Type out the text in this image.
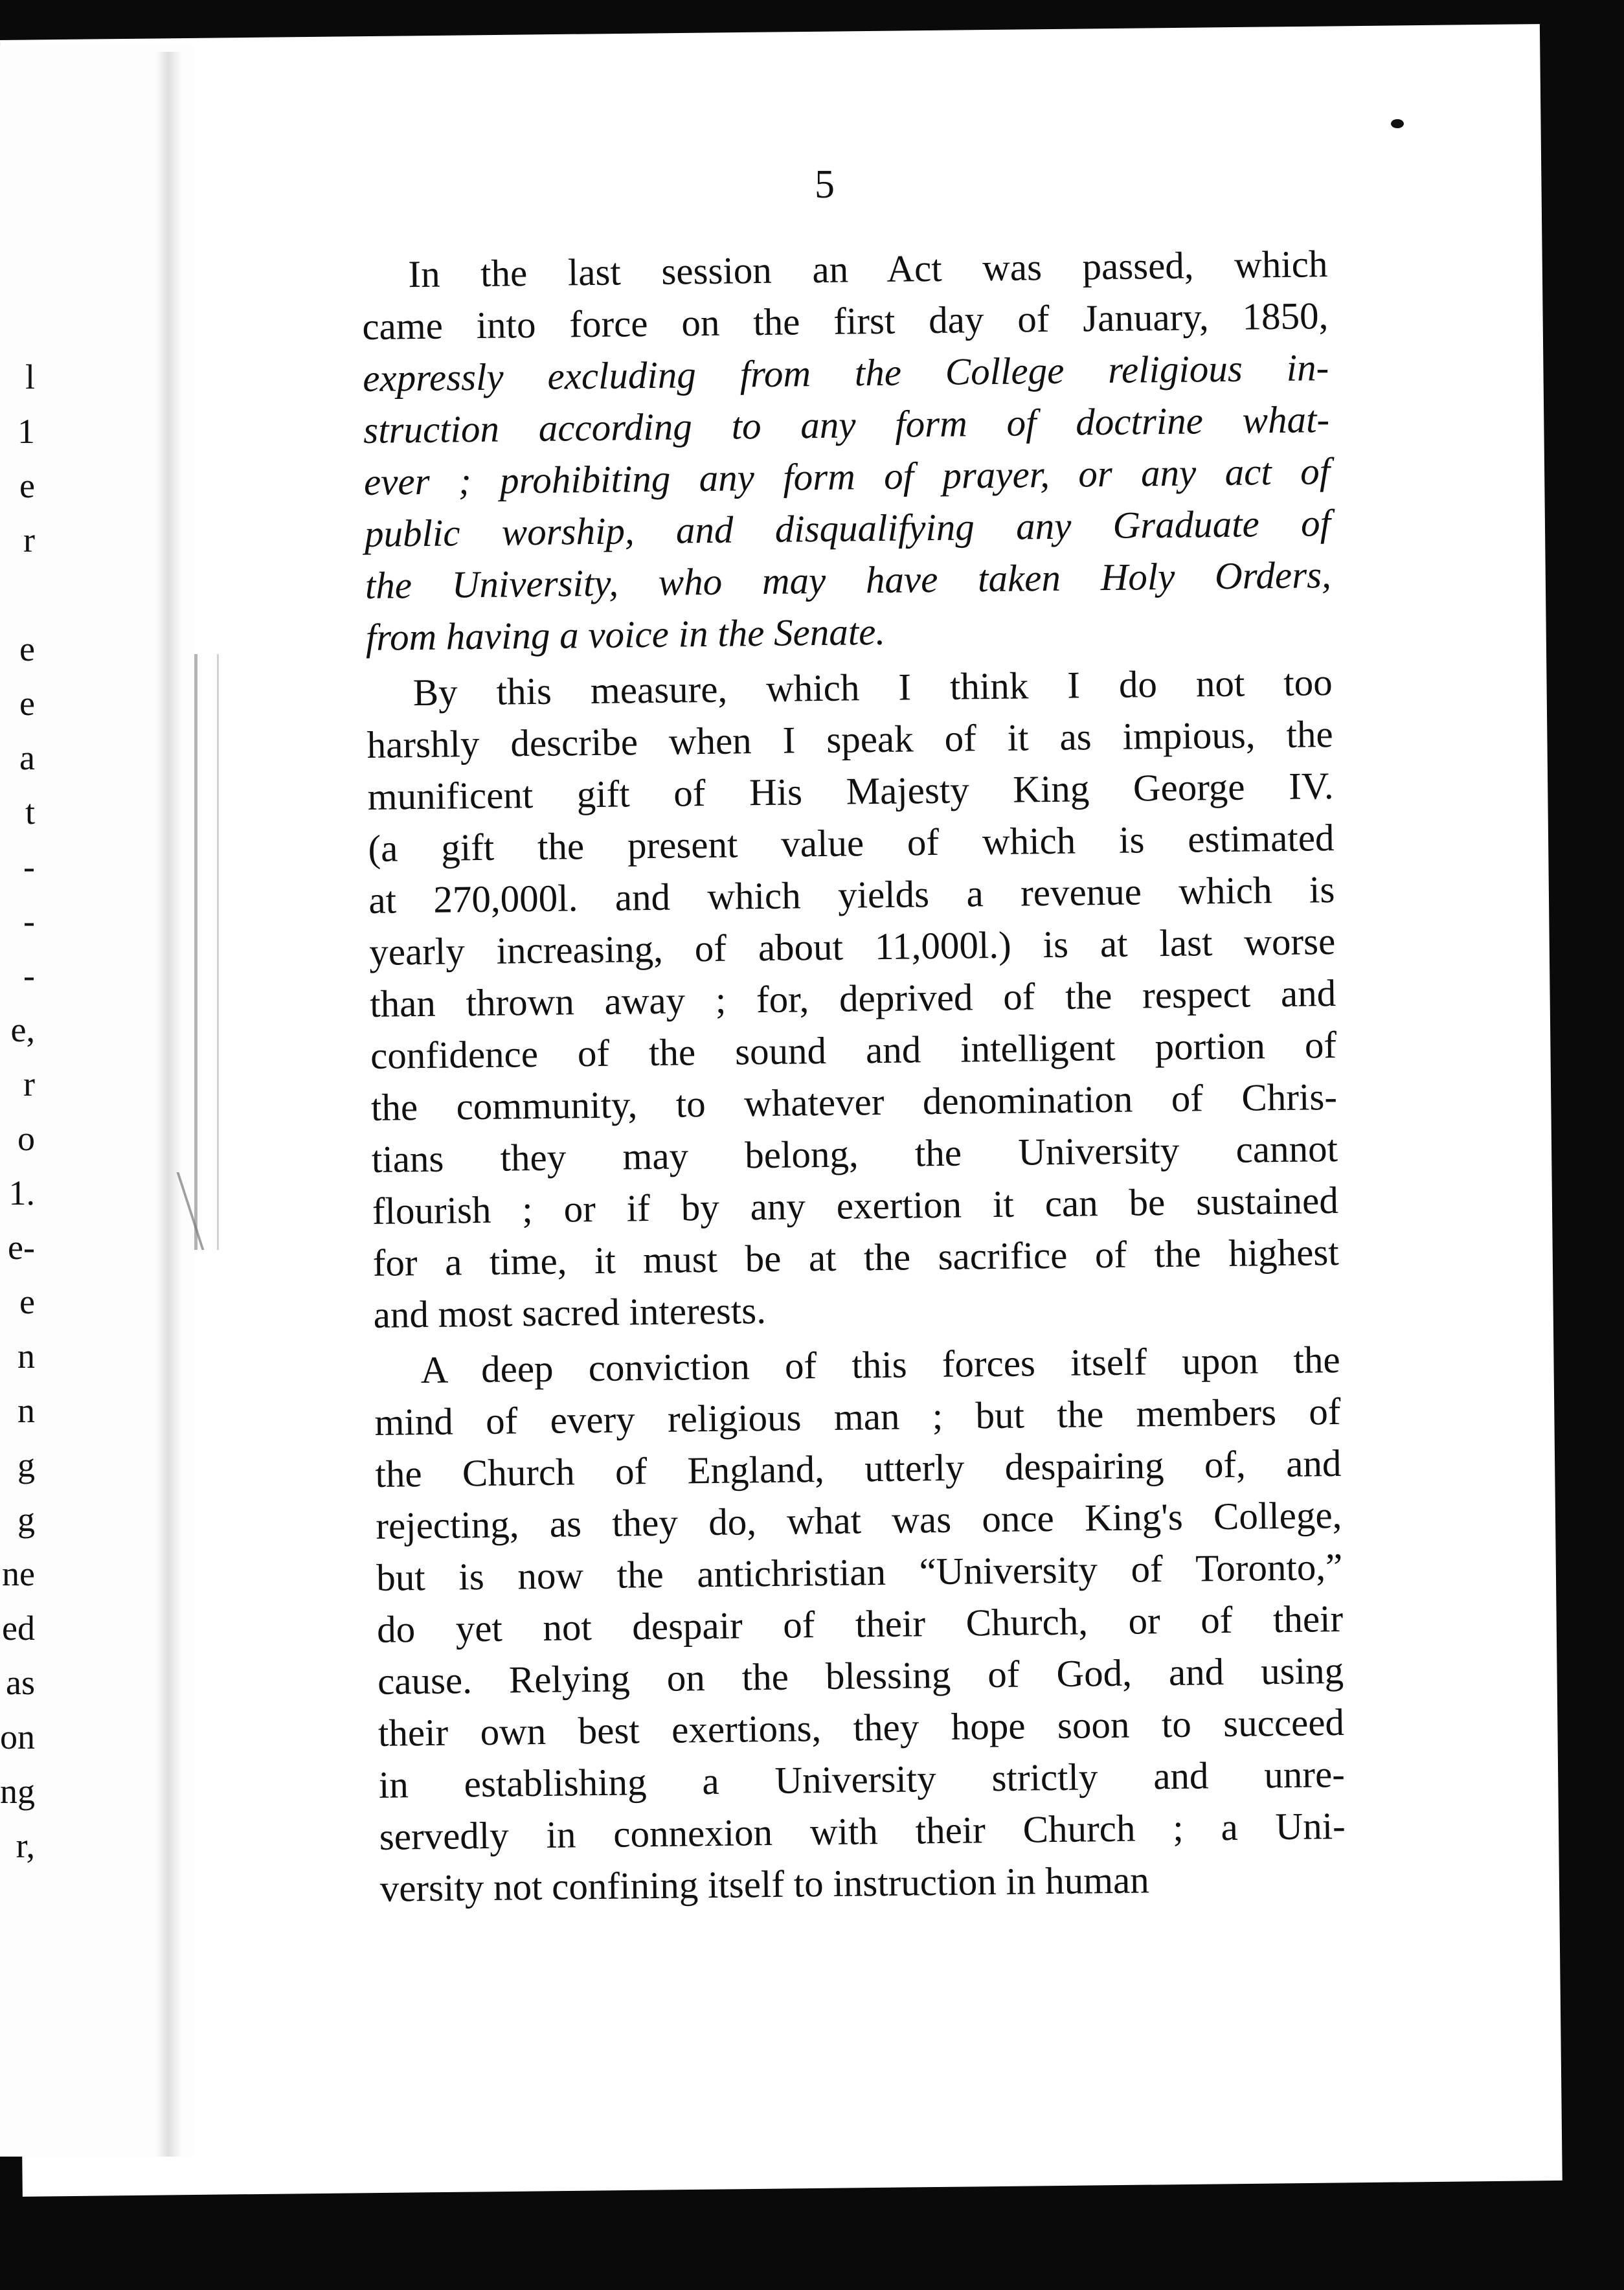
l
1
e
r
e
e
a
t
-
-
-
e,
r
o
1.
e-
e
n
n
g
g
ne
ed
as
on
ng
r,
5
In the last session an Act was passed, which
came into force on the first day of January, 1850,
expressly excluding from the College religious in-
struction according to any form of doctrine what-
ever ; prohibiting any form of prayer, or any act of
public worship, and disqualifying any Graduate of
the University, who may have taken Holy Orders,
from having a voice in the Senate.
By this measure, which I think I do not too
harshly describe when I speak of it as impious, the
munificent gift of His Majesty King George IV.
(a gift the present value of which is estimated
at 270,000l. and which yields a revenue which is
yearly increasing, of about 11,000l.) is at last worse
than thrown away ; for, deprived of the respect and
confidence of the sound and intelligent portion of
the community, to whatever denomination of Chris-
tians they may belong, the University cannot
flourish ; or if by any exertion it can be sustained
for a time, it must be at the sacrifice of the highest
and most sacred interests.
A deep conviction of this forces itself upon the
mind of every religious man ; but the members of
the Church of England, utterly despairing of, and
rejecting, as they do, what was once King's College,
but is now the antichristian “University of Toronto,”
do yet not despair of their Church, or of their
cause. Relying on the blessing of God, and using
their own best exertions, they hope soon to succeed
in establishing a University strictly and unre-
servedly in connexion with their Church ; a Uni-
versity not confining itself to instruction in human
